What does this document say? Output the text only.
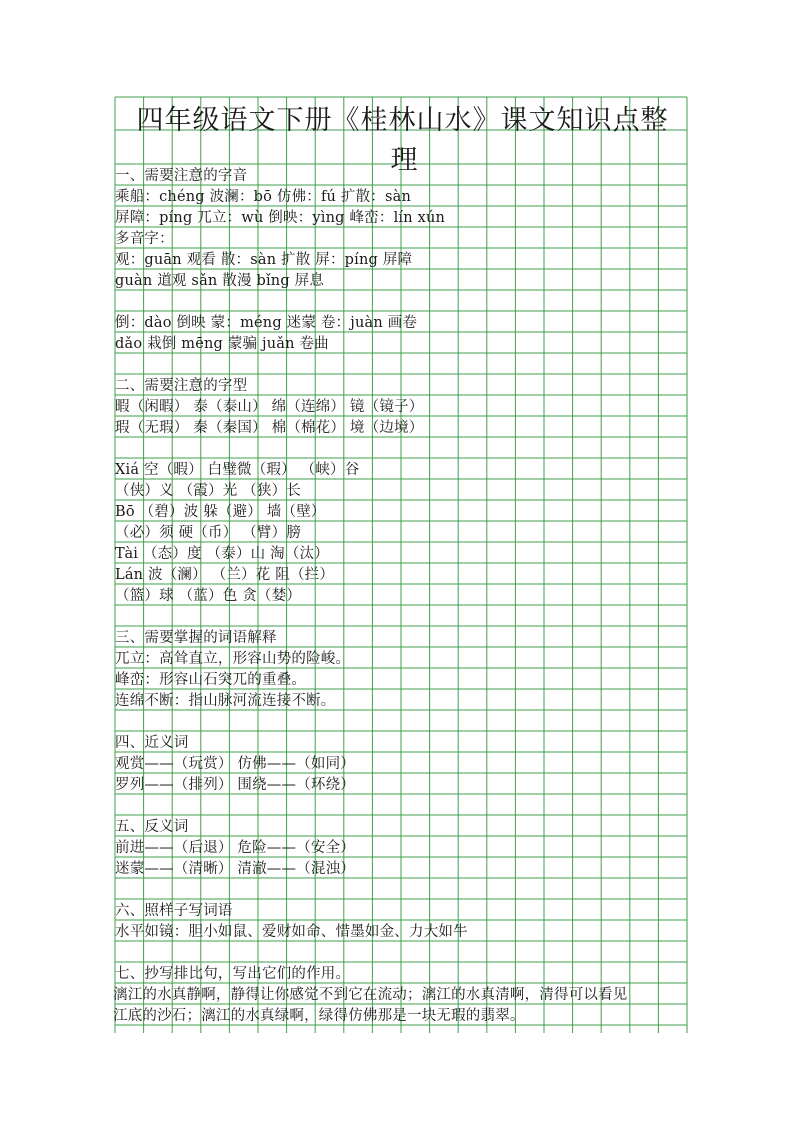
四年级语文下册《桂林山水》课文知识点整
理
一、需要注意的字音
乘船：chéng 波澜：bō 仿佛：fú 扩散：sàn
屏障：píng 兀立：wù 倒映：yìng 峰峦：lín xún
多音字：
观：guān 观看 散：sàn 扩散 屏：píng 屏障
guàn 道观 sǎn 散漫 bǐng 屏息
倒：dào 倒映 蒙：méng 迷蒙 卷：juàn 画卷
dǎo 栽倒 mēng 蒙骗 juǎn 卷曲
二、需要注意的字型
暇（闲暇） 泰（泰山） 绵（连绵） 镜（镜子）
瑕（无瑕） 秦（秦国） 棉（棉花） 境（边境）
Xiá 空（暇） 白璧微（瑕） （峡）谷
（侠）义 （霞）光 （狭）长
Bō （碧）波 躲（避） 墙（壁）
（必）须 硬（币） （臂）膀
Tài （态）度 （泰）山 淘（汰）
Lán 波（澜） （兰）花 阻（拦）
（篮）球 （蓝）色 贪（婪）
三、需要掌握的词语解释
兀立：高耸直立，形容山势的险峻。
峰峦：形容山石突兀的重叠。
连绵不断：指山脉河流连接不断。
四、近义词
观赏——（玩赏） 仿佛——（如同）
罗列——（排列） 围绕——（环绕）
五、反义词
前进——（后退） 危险——（安全）
迷蒙——（清晰） 清澈——（混浊）
六、照样子写词语
水平如镜：胆小如鼠、爱财如命、惜墨如金、力大如牛
七、抄写排比句，写出它们的作用。
漓江的水真静啊，静得让你感觉不到它在流动；漓江的水真清啊，清得可以看见
江底的沙石；漓江的水真绿啊，绿得仿佛那是一块无瑕的翡翠。
